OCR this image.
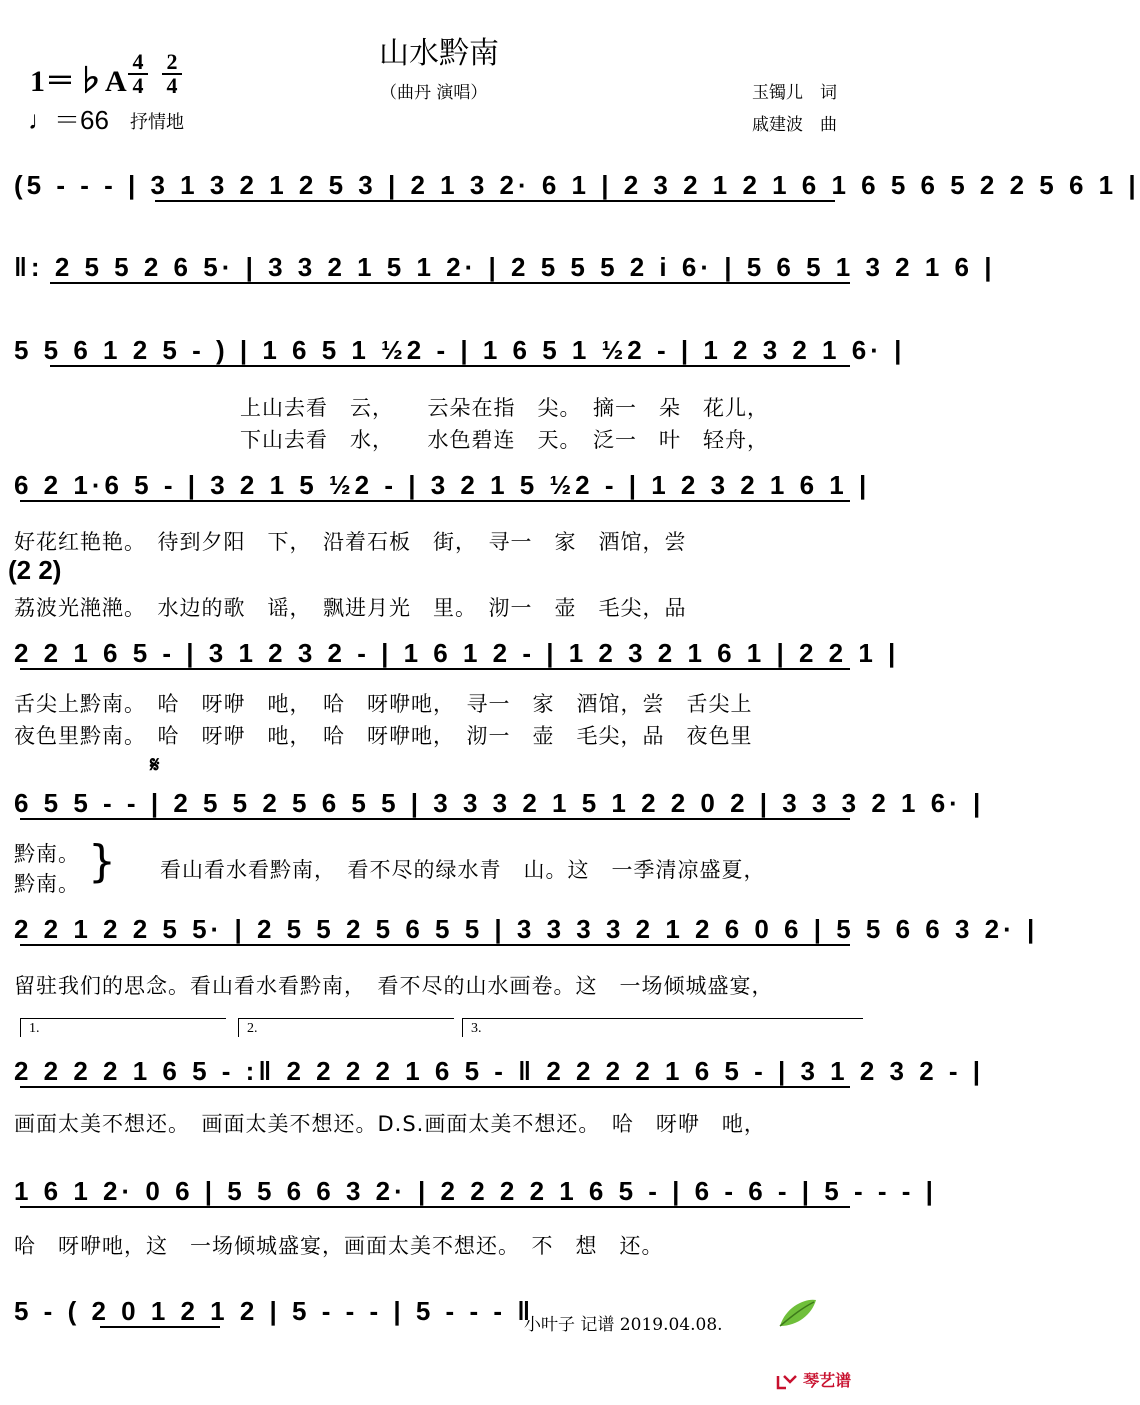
山水黔南
（曲丹 演唱）	玉镯儿　词
戚建波　曲
1＝♭A
4
4
2
4
♩＝66 抒情地
(5 - - - | 3 1 3 2 1 2 5 3 | 2 1 3 2· 6 1 | 2 3 2 1 2 1 6 1 6 5 6 5 2 2 5 6 1 |
‖: 2 5 5 2 6 5· | 3 3 2 1 5 1 2· | 2 5 5 5 2 i 6· | 5 6 5 1 3 2 1 6 |
5 5 6 1 2 5 - ) | 1 6 5 1 ½2 - | 1 6 5 1 ½2 - | 1 2 3 2 1 6· |
上山去看　云，　　云朵在指　尖。　摘一　朵　花儿，
下山去看　水，　　水色碧连　天。　泛一　叶　轻舟，
6 2 1·6 5 - | 3 2 1 5 ½2 - | 3 2 1 5 ½2 - | 1 2 3 2 1 6 1 |
好花红艳艳。　待到夕阳　下，　沿着石板　街，　寻一　家　酒馆，尝
(2 2)
荔波光滟滟。　水边的歌　谣，　飘进月光　里。　沏一　壶　毛尖，品
2 2 1 6 5 - | 3 1 2 3 2 - | 1 6 1 2 - | 1 2 3 2 1 6 1 | 2 2 1 |
舌尖上黔南。　哈　呀咿　吔，　哈　呀咿吔，　寻一　家　酒馆，尝　舌尖上
夜色里黔南。　哈　呀咿　吔，　哈　呀咿吔，　沏一　壶　毛尖，品　夜色里
𝄋
6 5 5 - - | 2 5 5 2 5 6 5 5 | 3 3 3 2 1 5 1 2 2 0 2 | 3 3 3 2 1 6· |
黔南。
黔南。 } 看山看水看黔南，　看不尽的绿水青　山。这　一季清凉盛夏，
2 2 1 2 2 5 5· | 2 5 5 2 5 6 5 5 | 3 3 3 3 2 1 2 6 0 6 | 5 5 6 6 3 2· |
留驻我们的思念。看山看水看黔南，　看不尽的山水画卷。这　一场倾城盛宴，
1.	2.	3.
2 2 2 2 1 6 5 - :‖ 2 2 2 2 1 6 5 - ‖ 2 2 2 2 1 6 5 - | 3 1 2 3 2 - |
画面太美不想还。　画面太美不想还。D.S.画面太美不想还。　哈　呀咿　吔，
1 6 1 2· 0 6 | 5 5 6 6 3 2· | 2 2 2 2 1 6 5 - | 6 - 6 - | 5 - - - |
哈　呀咿吔，这　一场倾城盛宴，画面太美不想还。　不　想　还。
5 - ( 2 0 1 2 1 2 | 5 - - - | 5 - - - ‖
小叶子 记谱 2019.04.08.
琴艺谱
